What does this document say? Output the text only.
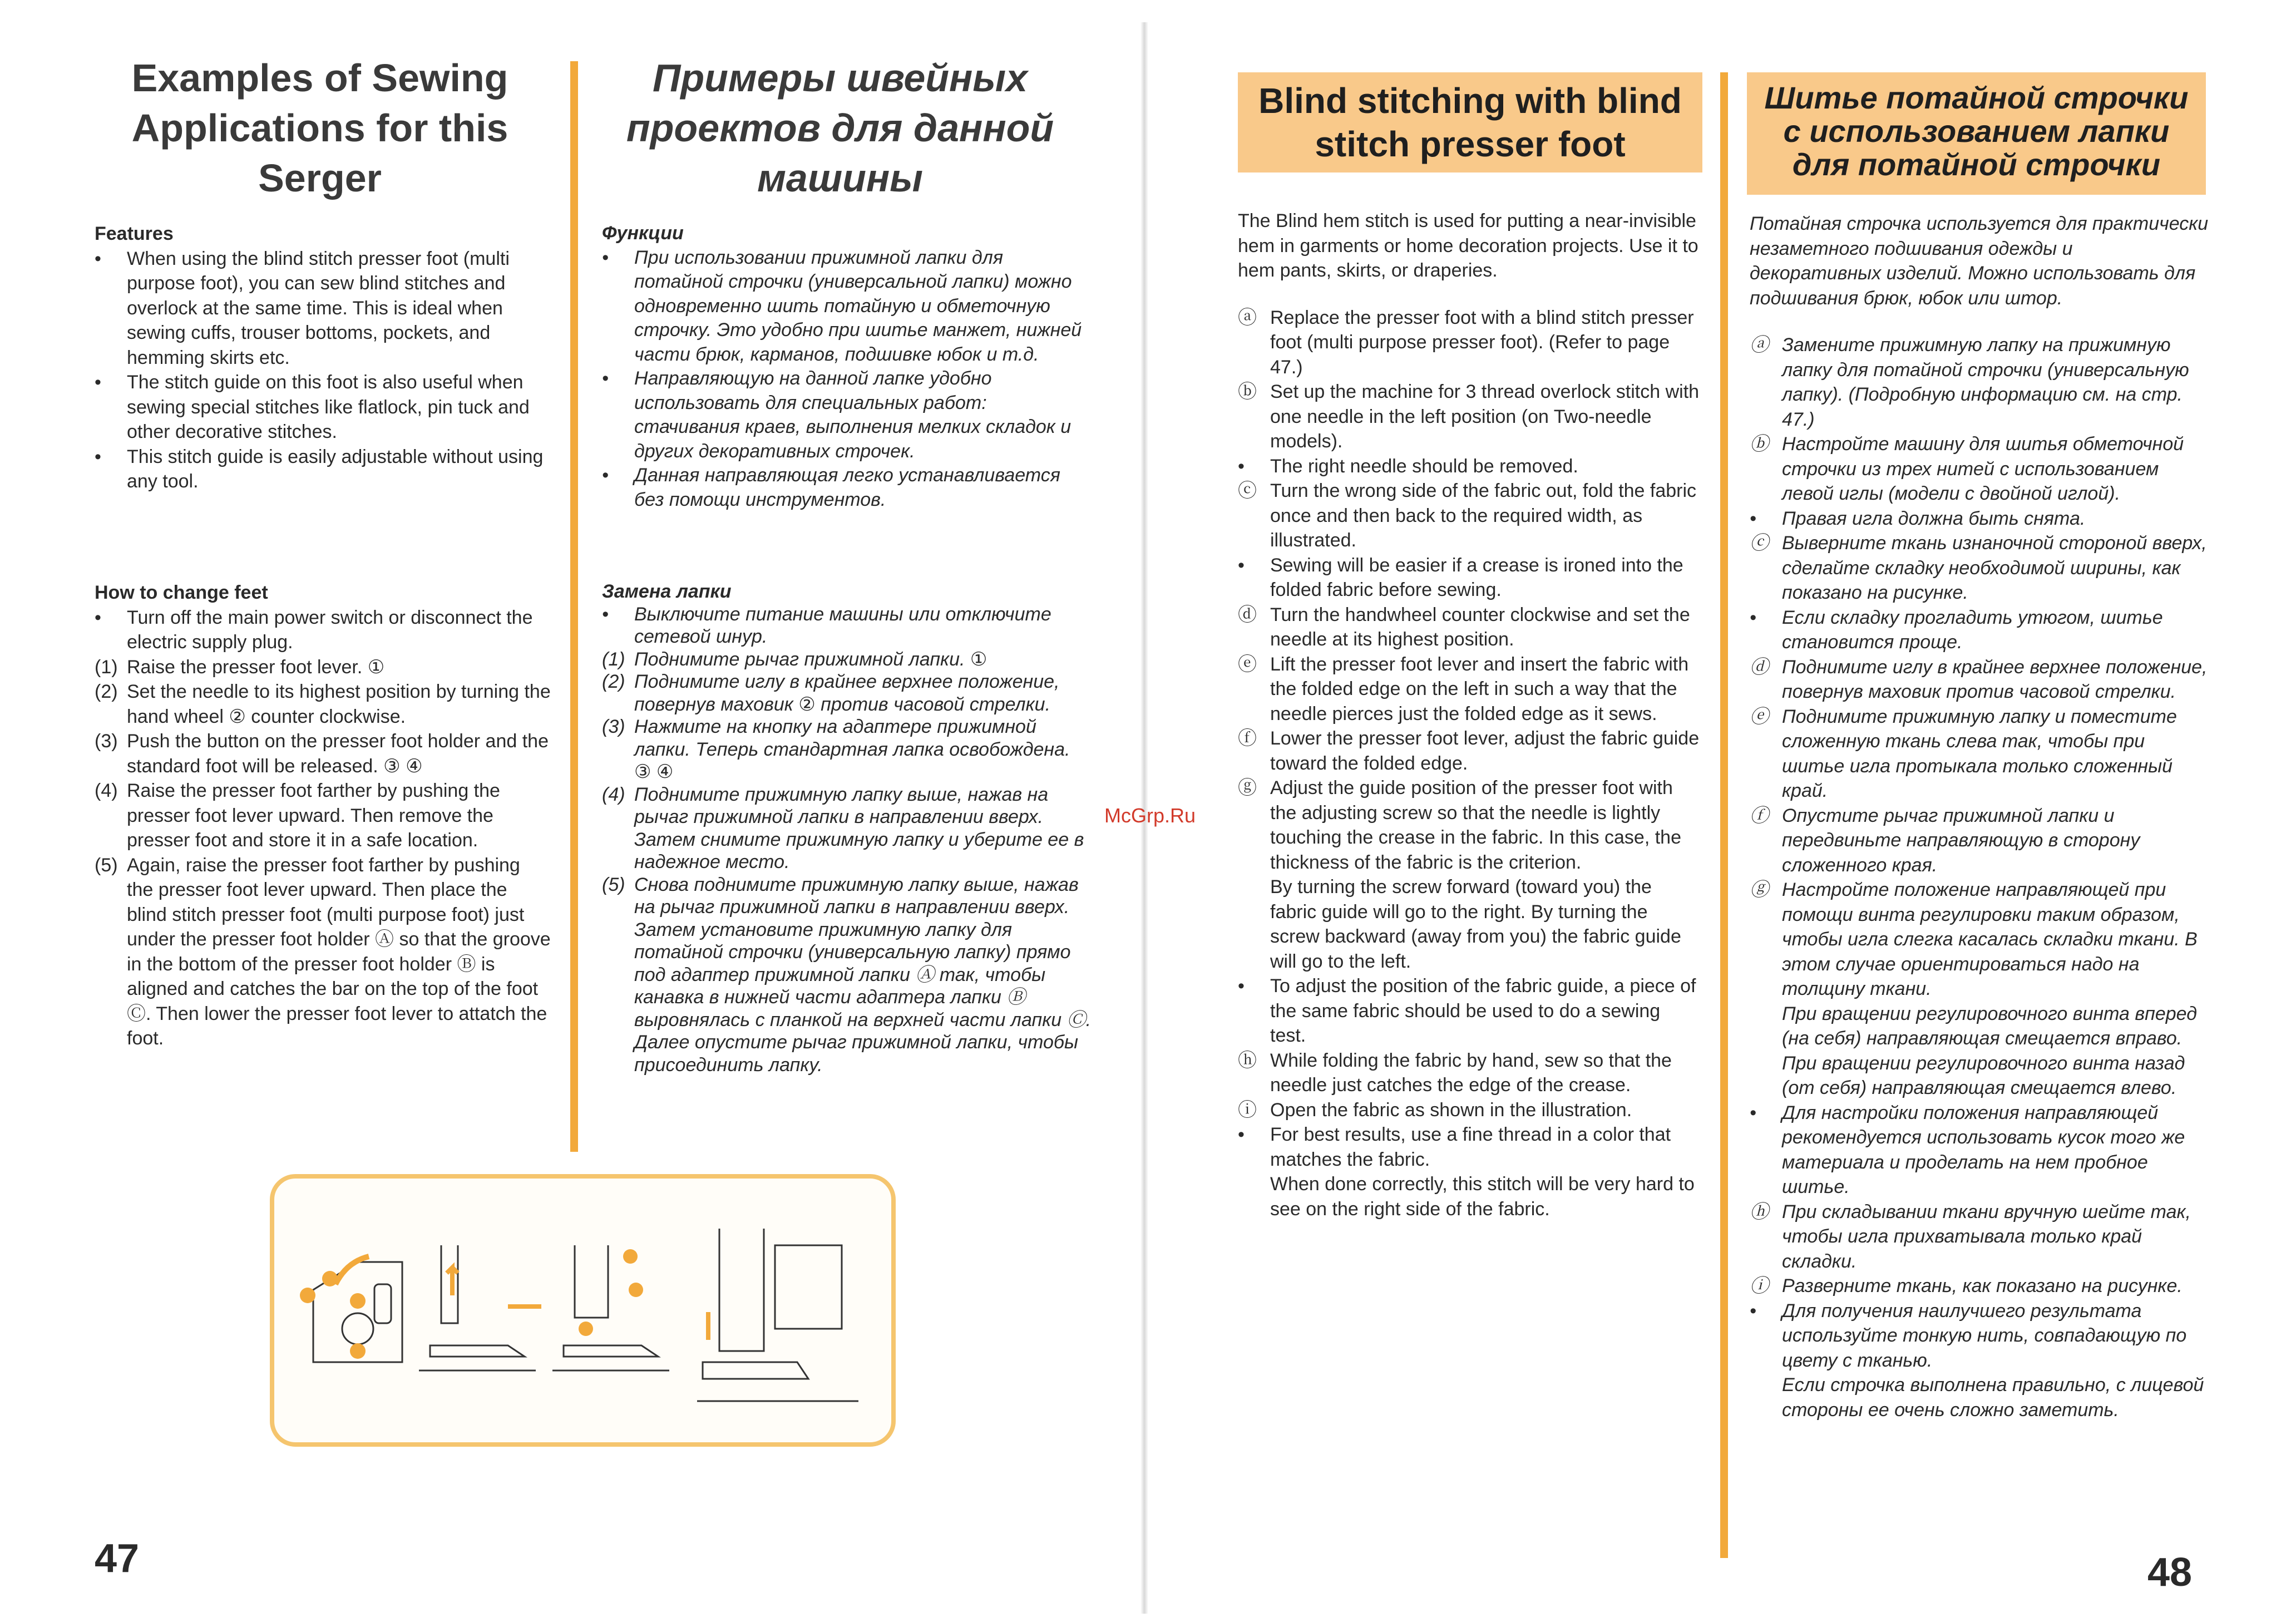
Examples of Sewing
Applications for this
Serger
Примеры швейных
проектов для данной
машины

Features

•	When using the blind stitch presser foot (multi purpose foot), you can sew blind stitches and overlock at the same time. This is ideal when sewing cuffs, trouser bottoms, pockets, and hemming skirts etc.
•	The stitch guide on this foot is also useful when sewing special stitches like flatlock, pin tuck and other decorative stitches.
•	This stitch guide is easily adjustable without using any tool.

How to change feet

•	Turn off the main power switch or disconnect the electric supply plug.
(1) Raise the presser foot lever. ①
(2) Set the needle to its highest position by turning the hand wheel ② counter clockwise.
(3) Push the button on the presser foot holder and the standard foot will be released. ③ ④
(4) Raise the presser foot farther by pushing the presser foot lever upward. Then remove the presser foot and store it in a safe location.
(5) Again, raise the presser foot farther by pushing the presser foot lever upward. Then place the blind stitch presser foot (multi purpose foot) just under the presser foot holder Ⓐ so that the groove in the bottom of the presser foot holder Ⓑ is aligned and catches the bar on the top of the foot Ⓒ. Then lower the presser foot lever to attatch the foot.

Функции

•	При использовании прижимной лапки для потайной строчки (универсальной лапки) можно одновременно шить потайную и обметочную строчку. Это удобно при шитье манжет, нижней части брюк, карманов, подшивке юбок и т.д.
•	Направляющую на данной лапке удобно использовать для специальных работ: стачивания краев, выполнения мелких складок и других декоративных строчек.
•	Данная направляющая легко устанавливается без помощи инструментов.

Замена лапки

•	Выключите питание машины или отключите сетевой шнур.
(1) Поднимите рычаг прижимной лапки. ①
(2) Поднимите иглу в крайнее верхнее положение, повернув маховик ② против часовой стрелки.
(3) Нажмите на кнопку на адаптере прижимной лапки. Теперь стандартная лапка освобождена. ③ ④
(4) Поднимите прижимную лапку выше, нажав на рычаг прижимной лапки в направлении вверх. Затем снимите прижимную лапку и уберите ее в надежное место.
(5) Снова поднимите прижимную лапку выше, нажав на рычаг прижимной лапки в направлении вверх. Затем установите прижимную лапку для потайной строчки (универсальную лапку) прямо под адаптер прижимной лапки Ⓐ так, чтобы канавка в нижней части адаптера лапки Ⓑ выровнялась с планкой на верхней части лапки Ⓒ. Далее опустите рычаг прижимной лапки, чтобы присоединить лапку.
47
McGrp.Ru
Blind stitching with blind
stitch presser foot
Шитье потайной строчки
с использованием лапки
для потайной строчки

The Blind hem stitch is used for putting a near-invisible hem in garments or home decoration projects. Use it to hem pants, skirts, or draperies.

ⓐ Replace the presser foot with a blind stitch presser foot (multi purpose presser foot). (Refer to page 47.)
ⓑ Set up the machine for 3 thread overlock stitch with one needle in the left position (on Two-needle models).
•	The right needle should be removed.
ⓒ Turn the wrong side of the fabric out, fold the fabric once and then back to the required width, as illustrated.
•	Sewing will be easier if a crease is ironed into the folded fabric before sewing.
ⓓ Turn the handwheel counter clockwise and set the needle at its highest position.
ⓔ Lift the presser foot lever and insert the fabric with the folded edge on the left in such a way that the needle pierces just the folded edge as it sews.
ⓕ Lower the presser foot lever, adjust the fabric guide toward the folded edge.
ⓖ Adjust the guide position of the presser foot with the adjusting screw so that the needle is lightly touching the crease in the fabric. In this case, the thickness of the fabric is the criterion.
By turning the screw forward (toward you) the fabric guide will go to the right. By turning the screw backward (away from you) the fabric guide will go to the left.
•	To adjust the position of the fabric guide, a piece of the same fabric should be used to do a sewing test.
ⓗ While folding the fabric by hand, sew so that the needle just catches the edge of the crease.
ⓘ Open the fabric as shown in the illustration.
•	For best results, use a fine thread in a color that matches the fabric.
When done correctly, this stitch will be very hard to see on the right side of the fabric.

Потайная строчка используется для практически незаметного подшивания одежды и декоративных изделий. Можно использовать для подшивания брюк, юбок или штор.

ⓐ Замените прижимную лапку на прижимную лапку для потайной строчки (универсальную лапку). (Подробную информацию см. на стр. 47.)
ⓑ Настройте машину для шитья обметочной строчки из трех нитей с использованием левой иглы (модели с двойной иглой).
•	Правая игла должна быть снята.
ⓒ Выверните ткань изнаночной стороной вверх, сделайте складку необходимой ширины, как показано на рисунке.
•	Если складку прогладить утюгом, шитье становится проще.
ⓓ Поднимите иглу в крайнее верхнее положение, повернув маховик против часовой стрелки.
ⓔ Поднимите прижимную лапку и поместите сложенную ткань слева так, чтобы при шитье игла протыкала только сложенный край.
ⓕ Опустите рычаг прижимной лапки и передвиньте направляющую в сторону сложенного края.
ⓖ Настройте положение направляющей при помощи винта регулировки таким образом, чтобы игла слегка касалась складки ткани. В этом случае ориентироваться надо на толщину ткани.
При вращении регулировочного винта вперед (на себя) направляющая смещается вправо. При вращении регулировочного винта назад (от себя) направляющая смещается влево.
•	Для настройки положения направляющей рекомендуется использовать кусок того же материала и проделать на нем пробное шитье.
ⓗ При складывании ткани вручную шейте так, чтобы игла прихватывала только край складки.
ⓘ Разверните ткань, как показано на рисунке.
•	Для получения наилучшего результата используйте тонкую нить, совпадающую по цвету с тканью.
Если строчка выполнена правильно, с лицевой стороны ее очень сложно заметить.
48
